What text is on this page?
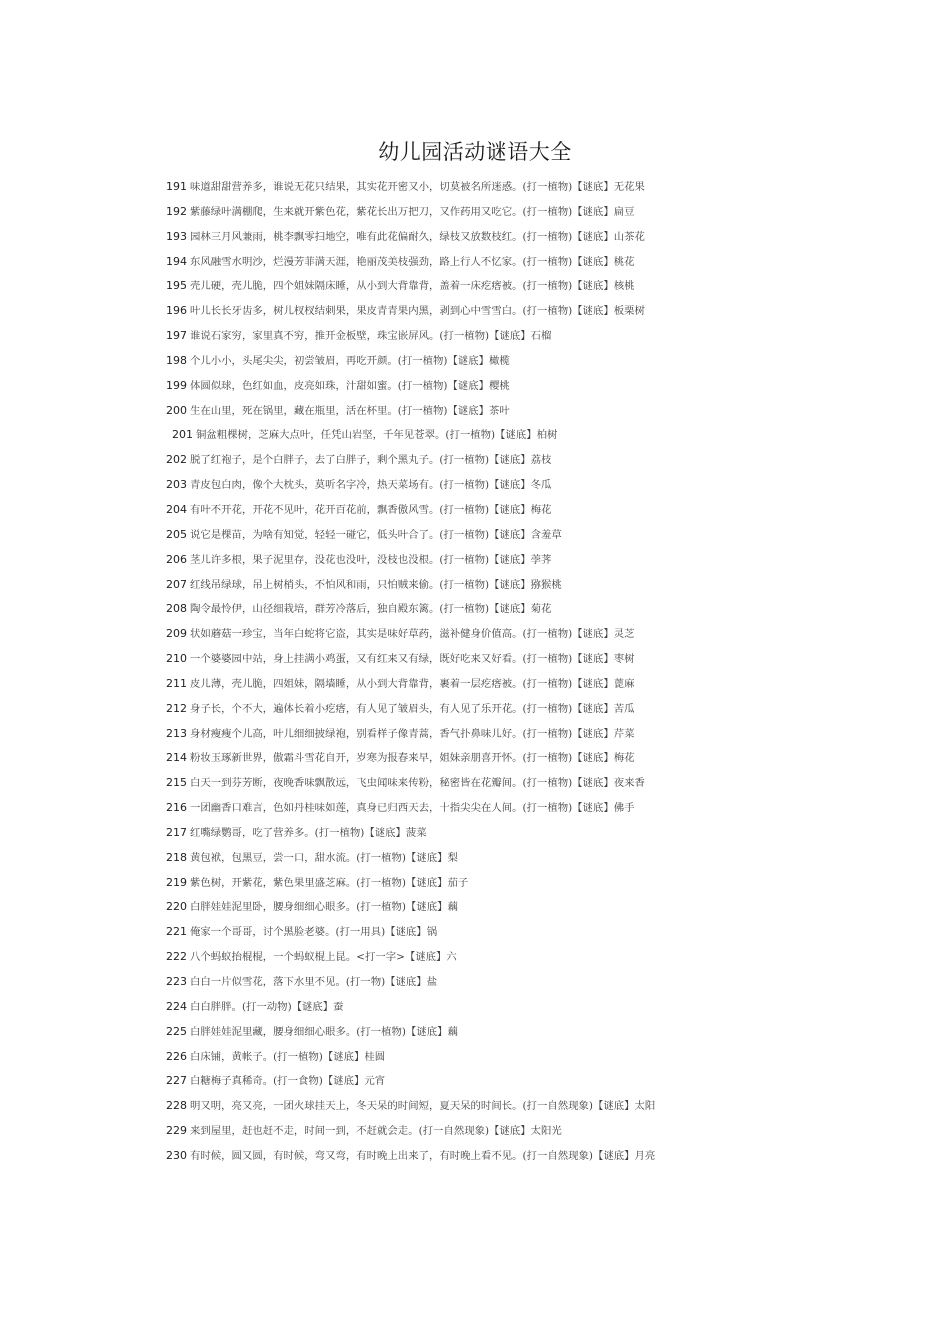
幼儿园活动谜语大全
191 味道甜甜营养多，谁说无花只结果，其实花开密又小，切莫被名所迷惑。(打一植物)【谜底】无花果
192 紫藤绿叶满棚爬，生来就开紫色花，紫花长出万把刀，又作药用又吃它。(打一植物)【谜底】扁豆
193 园林三月风兼雨，桃李飘零扫地空，唯有此花偏耐久，绿枝又放数枝红。(打一植物)【谜底】山茶花
194 东风融雪水明沙，烂漫芳菲满天涯，艳丽茂美枝强劲，路上行人不忆家。(打一植物)【谜底】桃花
195 壳儿硬，壳儿脆，四个姐妹隔床睡，从小到大背靠背，盖着一床疙瘩被。(打一植物)【谜底】核桃
196 叶儿长长牙齿多，树儿杈杈结刺果，果皮青青果内黑，剥到心中雪雪白。(打一植物)【谜底】板栗树
197 谁说石家穷，家里真不穷，推开金板壁，珠宝嵌屏风。(打一植物)【谜底】石榴
198 个儿小小，头尾尖尖，初尝皱眉，再吃开颜。(打一植物)【谜底】橄榄
199 体圆似球，色红如血，皮亮如珠，汁甜如蜜。(打一植物)【谜底】樱桃
200 生在山里，死在锅里，藏在瓶里，活在杯里。(打一植物)【谜底】茶叶
201 铜盆粗棵树，芝麻大点叶，任凭山岩坚，千年见苍翠。(打一植物)【谜底】柏树
202 脱了红袍子，是个白胖子，去了白胖子，剩个黑丸子。(打一植物)【谜底】荔枝
203 青皮包白肉，像个大枕头，莫听名字冷，热天菜场有。(打一植物)【谜底】冬瓜
204 有叶不开花，开花不见叶，花开百花前，飘香傲风雪。(打一植物)【谜底】梅花
205 说它是棵苗，为啥有知觉，轻轻一碰它，低头叶合了。(打一植物)【谜底】含羞草
206 茎儿许多根，果子泥里存，没花也没叶，没枝也没根。(打一植物)【谜底】荸荠
207 红线吊绿球，吊上树梢头，不怕风和雨，只怕贼来偷。(打一植物)【谜底】猕猴桃
208 陶令最怜伊，山径细栽培，群芳冷落后，独自殿东篱。(打一植物)【谜底】菊花
209 状如蘑菇一珍宝，当年白蛇将它盗，其实是味好草药，滋补健身价值高。(打一植物)【谜底】灵芝
210 一个婆婆园中站，身上挂满小鸡蛋，又有红来又有绿，既好吃来又好看。(打一植物)【谜底】枣树
211 皮儿薄，壳儿脆，四姐妹，隔墙睡，从小到大背靠背，裹着一层疙瘩被。(打一植物)【谜底】蓖麻
212 身子长，个不大，遍体长着小疙瘩，有人见了皱眉头，有人见了乐开花。(打一植物)【谜底】苦瓜
213 身材瘦瘦个儿高，叶儿细细披绿袍，别看样子像青蒿，香气扑鼻味儿好。(打一植物)【谜底】芹菜
214 粉妆玉琢新世界，傲霜斗雪花自开，岁寒为报春来早，姐妹亲朋喜开怀。(打一植物)【谜底】梅花
215 白天一到芬芳断，夜晚香味飘散远，飞虫闻味来传粉，秘密皆在花瓣间。(打一植物)【谜底】夜来香
216 一团幽香口难言，色如丹桂味如莲，真身已归西天去，十指尖尖在人间。(打一植物)【谜底】佛手
217 红嘴绿鹦哥，吃了营养多。(打一植物)【谜底】菠菜
218 黄包袱，包黑豆，尝一口，甜水流。(打一植物)【谜底】梨
219 紫色树，开紫花，紫色果里盛芝麻。(打一植物)【谜底】茄子
220 白胖娃娃泥里卧，腰身细细心眼多。(打一植物)【谜底】藕
221 俺家一个哥哥，讨个黑脸老婆。(打一用具)【谜底】锅
222 八个蚂蚁抬棍棍，一个蚂蚁棍上昆。<打一字>【谜底】六
223 白白一片似雪花，落下水里不见。(打一物)【谜底】盐
224 白白胖胖。(打一动物)【谜底】蚕
225 白胖娃娃泥里藏，腰身细细心眼多。(打一植物)【谜底】藕
226 白床铺，黄帐子。(打一植物)【谜底】桂圆
227 白糖梅子真稀奇。(打一食物)【谜底】元宵
228 明又明，亮又亮，一团火球挂天上，冬天呆的时间短，夏天呆的时间长。(打一自然现象)【谜底】太阳
229 来到屋里，赶也赶不走，时间一到，不赶就会走。(打一自然现象)【谜底】太阳光
230 有时候，圆又圆，有时候，弯又弯，有时晚上出来了，有时晚上看不见。(打一自然现象)【谜底】月亮
